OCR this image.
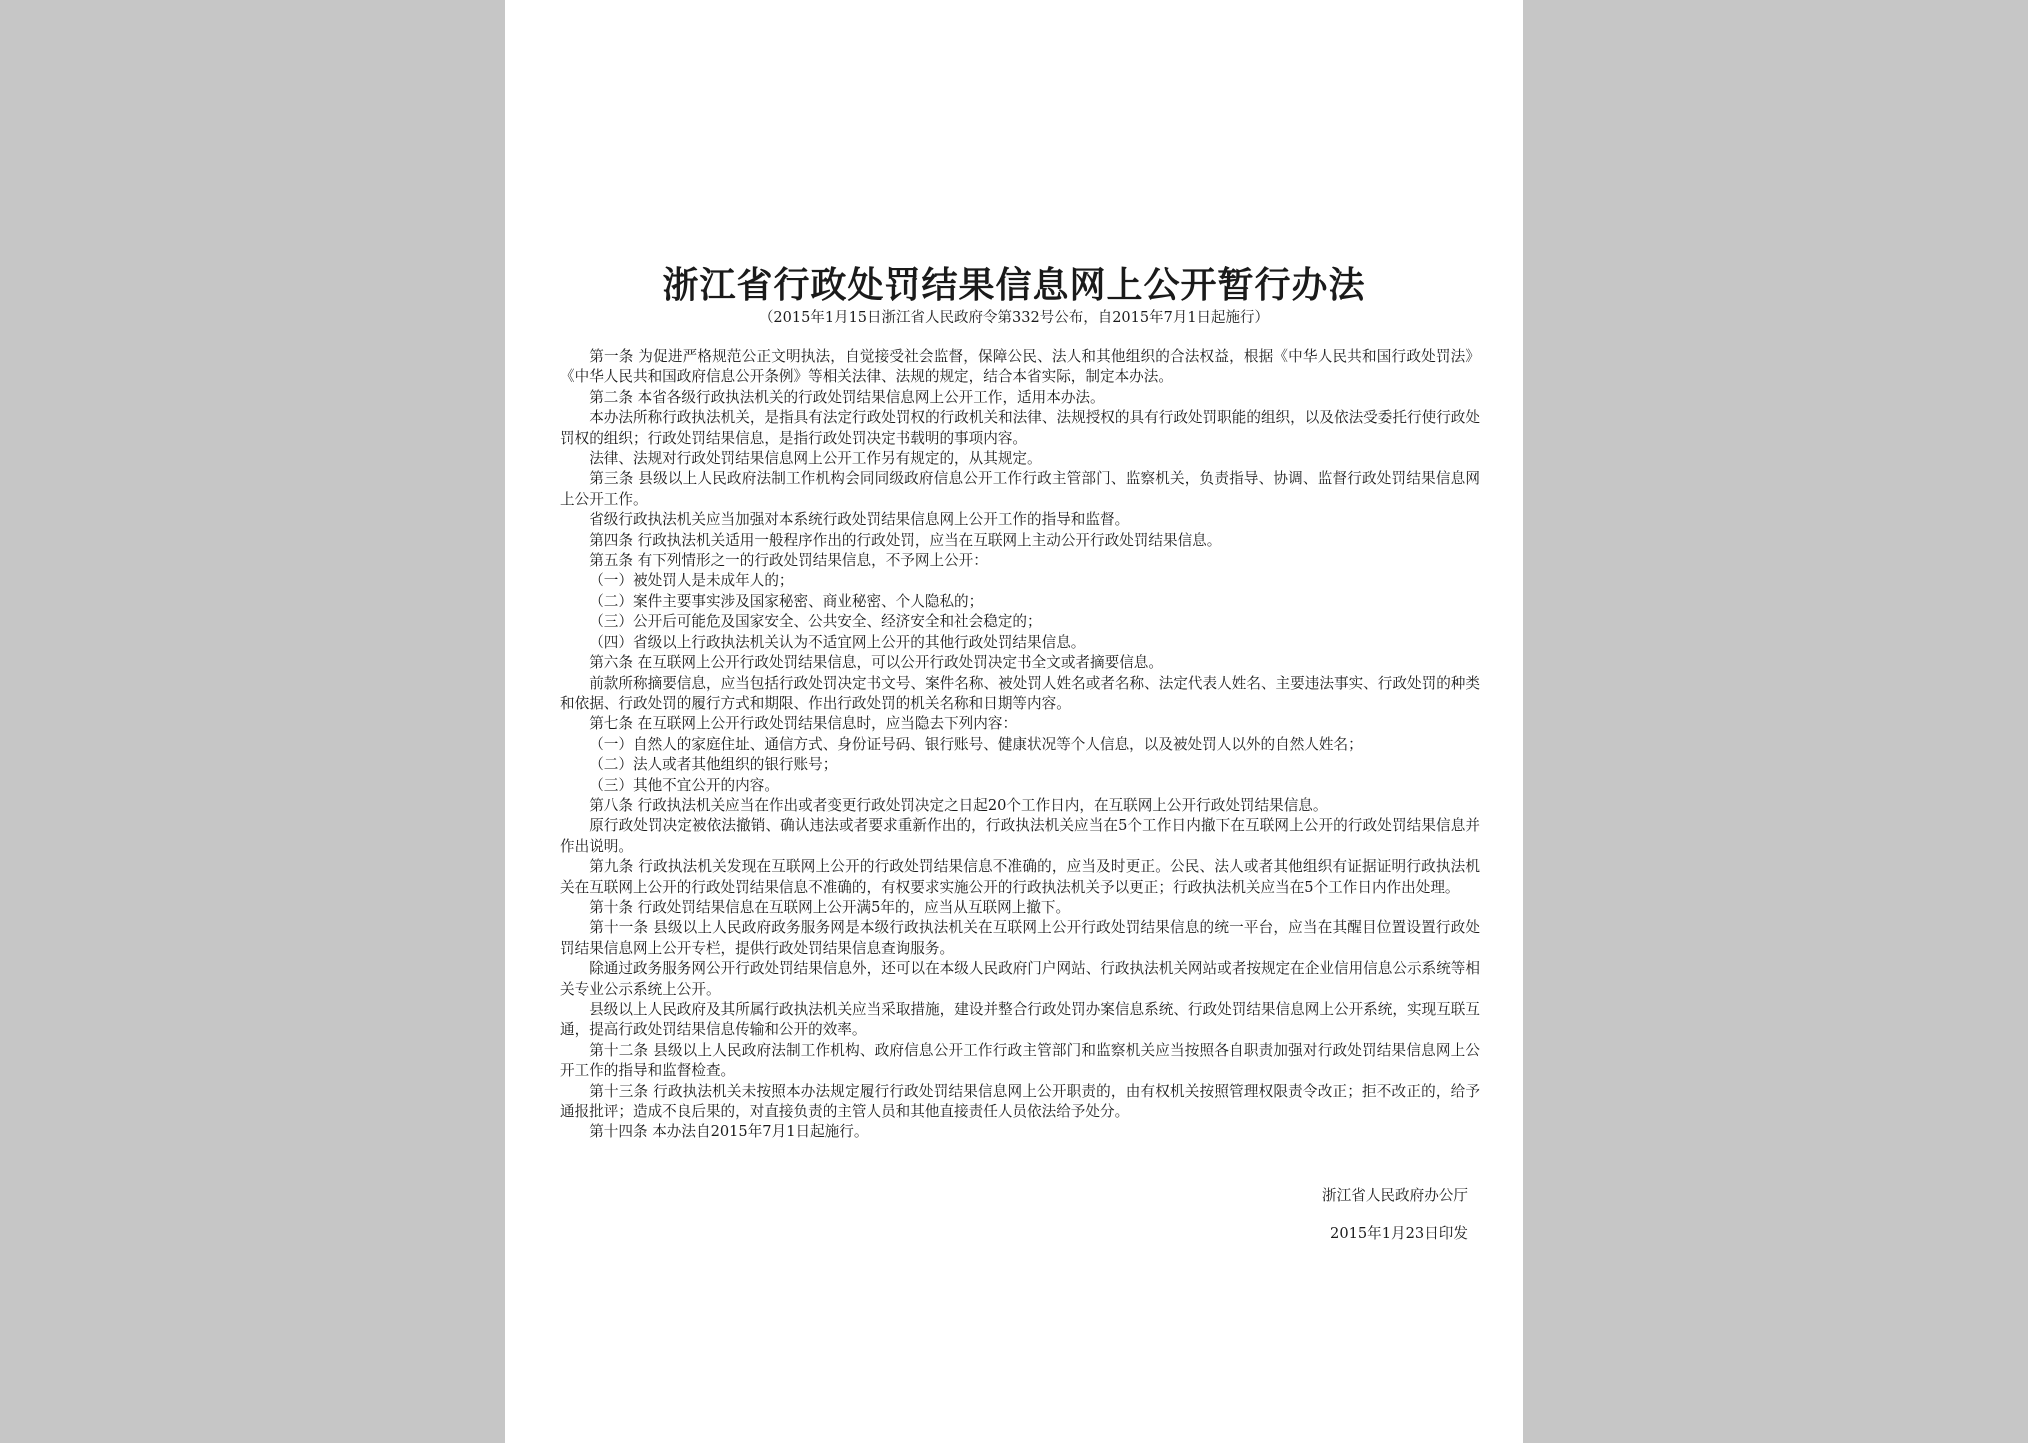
浙江省行政处罚结果信息网上公开暂行办法

（2015年1月15日浙江省人民政府令第332号公布，自2015年7月1日起施行）

第一条 为促进严格规范公正文明执法，自觉接受社会监督，保障公民、法人和其他组织的合法权益，根据《中华人民共和国行政处罚法》《中华人民共和国政府信息公开条例》等相关法律、法规的规定，结合本省实际，制定本办法。

第二条 本省各级行政执法机关的行政处罚结果信息网上公开工作，适用本办法。

本办法所称行政执法机关，是指具有法定行政处罚权的行政机关和法律、法规授权的具有行政处罚职能的组织，以及依法受委托行使行政处罚权的组织；行政处罚结果信息，是指行政处罚决定书载明的事项内容。

法律、法规对行政处罚结果信息网上公开工作另有规定的，从其规定。

第三条 县级以上人民政府法制工作机构会同同级政府信息公开工作行政主管部门、监察机关，负责指导、协调、监督行政处罚结果信息网上公开工作。

省级行政执法机关应当加强对本系统行政处罚结果信息网上公开工作的指导和监督。

第四条 行政执法机关适用一般程序作出的行政处罚，应当在互联网上主动公开行政处罚结果信息。

第五条 有下列情形之一的行政处罚结果信息，不予网上公开：

（一）被处罚人是未成年人的；

（二）案件主要事实涉及国家秘密、商业秘密、个人隐私的；

（三）公开后可能危及国家安全、公共安全、经济安全和社会稳定的；

（四）省级以上行政执法机关认为不适宜网上公开的其他行政处罚结果信息。

第六条 在互联网上公开行政处罚结果信息，可以公开行政处罚决定书全文或者摘要信息。

前款所称摘要信息，应当包括行政处罚决定书文号、案件名称、被处罚人姓名或者名称、法定代表人姓名、主要违法事实、行政处罚的种类和依据、行政处罚的履行方式和期限、作出行政处罚的机关名称和日期等内容。

第七条 在互联网上公开行政处罚结果信息时，应当隐去下列内容：

（一）自然人的家庭住址、通信方式、身份证号码、银行账号、健康状况等个人信息，以及被处罚人以外的自然人姓名；

（二）法人或者其他组织的银行账号；

（三）其他不宜公开的内容。

第八条 行政执法机关应当在作出或者变更行政处罚决定之日起20个工作日内，在互联网上公开行政处罚结果信息。

原行政处罚决定被依法撤销、确认违法或者要求重新作出的，行政执法机关应当在5个工作日内撤下在互联网上公开的行政处罚结果信息并作出说明。

第九条 行政执法机关发现在互联网上公开的行政处罚结果信息不准确的，应当及时更正。公民、法人或者其他组织有证据证明行政执法机关在互联网上公开的行政处罚结果信息不准确的，有权要求实施公开的行政执法机关予以更正；行政执法机关应当在5个工作日内作出处理。

第十条 行政处罚结果信息在互联网上公开满5年的，应当从互联网上撤下。

第十一条 县级以上人民政府政务服务网是本级行政执法机关在互联网上公开行政处罚结果信息的统一平台，应当在其醒目位置设置行政处罚结果信息网上公开专栏，提供行政处罚结果信息查询服务。

除通过政务服务网公开行政处罚结果信息外，还可以在本级人民政府门户网站、行政执法机关网站或者按规定在企业信用信息公示系统等相关专业公示系统上公开。

县级以上人民政府及其所属行政执法机关应当采取措施，建设并整合行政处罚办案信息系统、行政处罚结果信息网上公开系统，实现互联互通，提高行政处罚结果信息传输和公开的效率。

第十二条 县级以上人民政府法制工作机构、政府信息公开工作行政主管部门和监察机关应当按照各自职责加强对行政处罚结果信息网上公开工作的指导和监督检查。

第十三条 行政执法机关未按照本办法规定履行行政处罚结果信息网上公开职责的，由有权机关按照管理权限责令改正；拒不改正的，给予通报批评；造成不良后果的，对直接负责的主管人员和其他直接责任人员依法给予处分。

第十四条 本办法自2015年7月1日起施行。

浙江省人民政府办公厅

2015年1月23日印发
